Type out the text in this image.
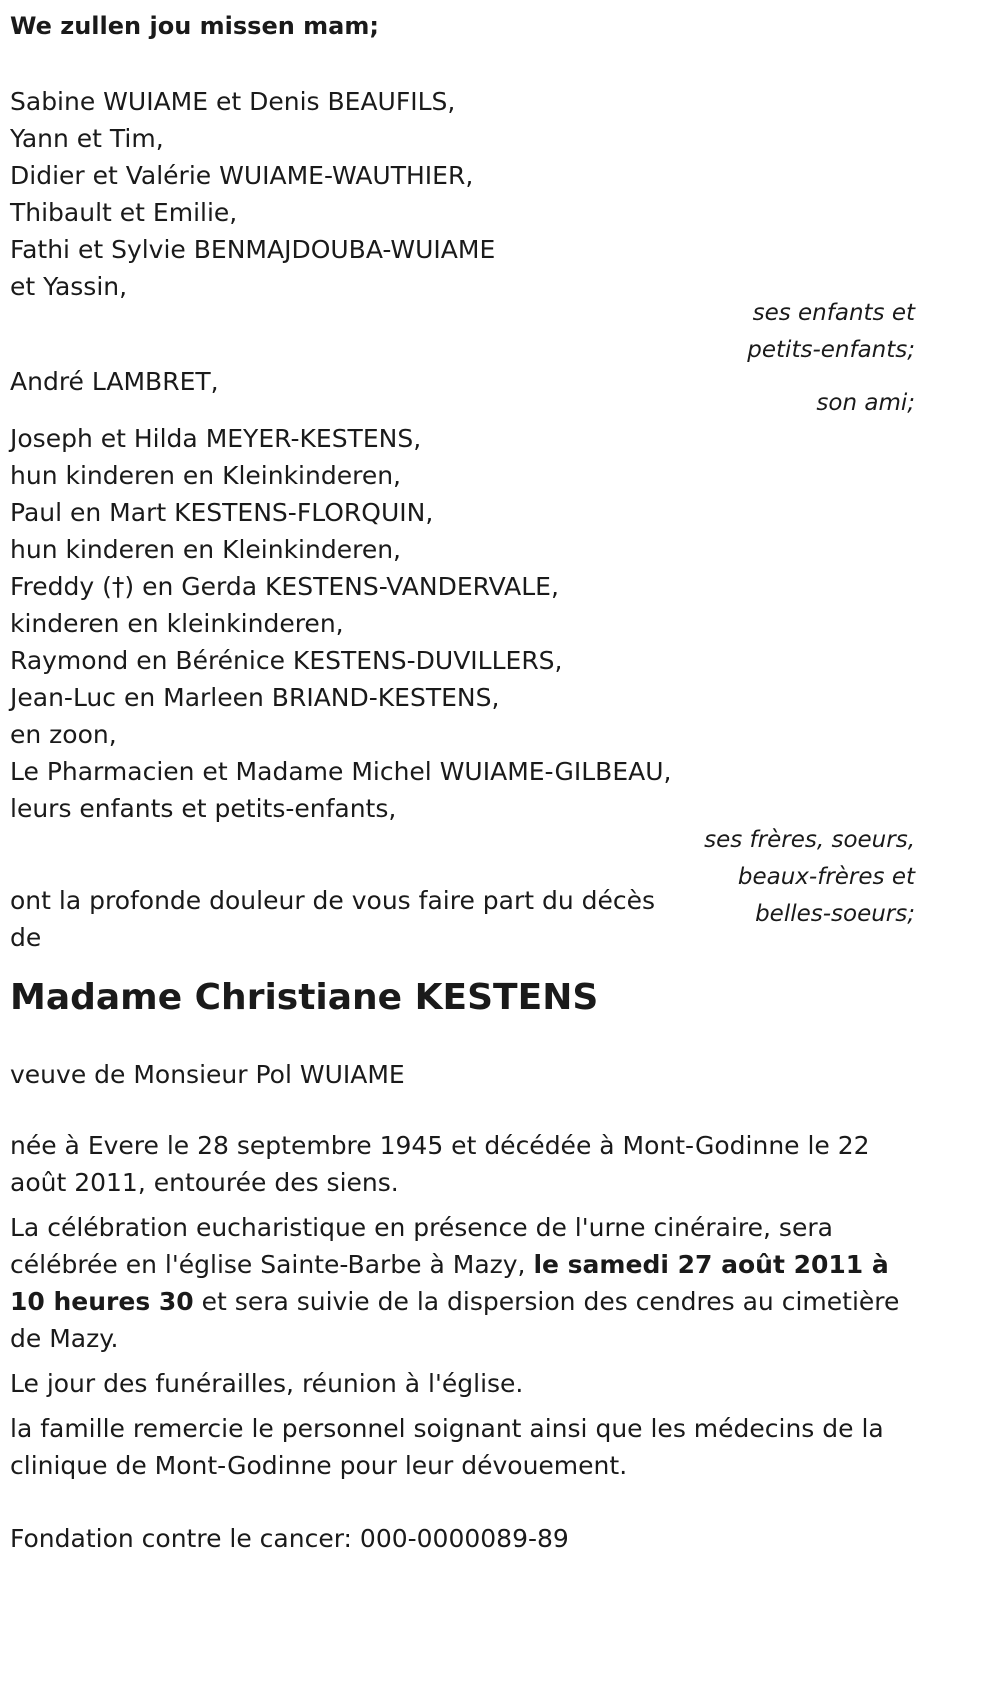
We zullen jou missen mam;
Sabine WUIAME et Denis BEAUFILS,
Yann et Tim,
Didier et Valérie WUIAME-WAUTHIER,
Thibault et Emilie,
Fathi et Sylvie BENMAJDOUBA-WUIAME
et Yassin,
ses enfants et
petits-enfants;
André LAMBRET,
son ami;
Joseph et Hilda MEYER-KESTENS,
hun kinderen en Kleinkinderen,
Paul en Mart KESTENS-FLORQUIN,
hun kinderen en Kleinkinderen,
Freddy (†) en Gerda KESTENS-VANDERVALE,
kinderen en kleinkinderen,
Raymond en Bérénice KESTENS-DUVILLERS,
Jean-Luc en Marleen BRIAND-KESTENS,
en zoon,
Le Pharmacien et Madame Michel WUIAME-GILBEAU,
leurs enfants et petits-enfants,
ses frères, soeurs,
beaux-frères et
belles-soeurs;
ont la profonde douleur de vous faire part du décès
de
Madame Christiane KESTENS
veuve de Monsieur Pol WUIAME
née à Evere le 28 septembre 1945 et décédée à Mont-Godinne le 22 août 2011, entourée des siens.
La célébration eucharistique en présence de l'urne cinéraire, sera célébrée en l'église Sainte-Barbe à Mazy, le samedi 27 août 2011 à 10 heures 30 et sera suivie de la dispersion des cendres au cimetière de Mazy.
Le jour des funérailles, réunion à l'église.
la famille remercie le personnel soignant ainsi que les médecins de la clinique de Mont-Godinne pour leur dévouement.
Fondation contre le cancer: 000-0000089-89
